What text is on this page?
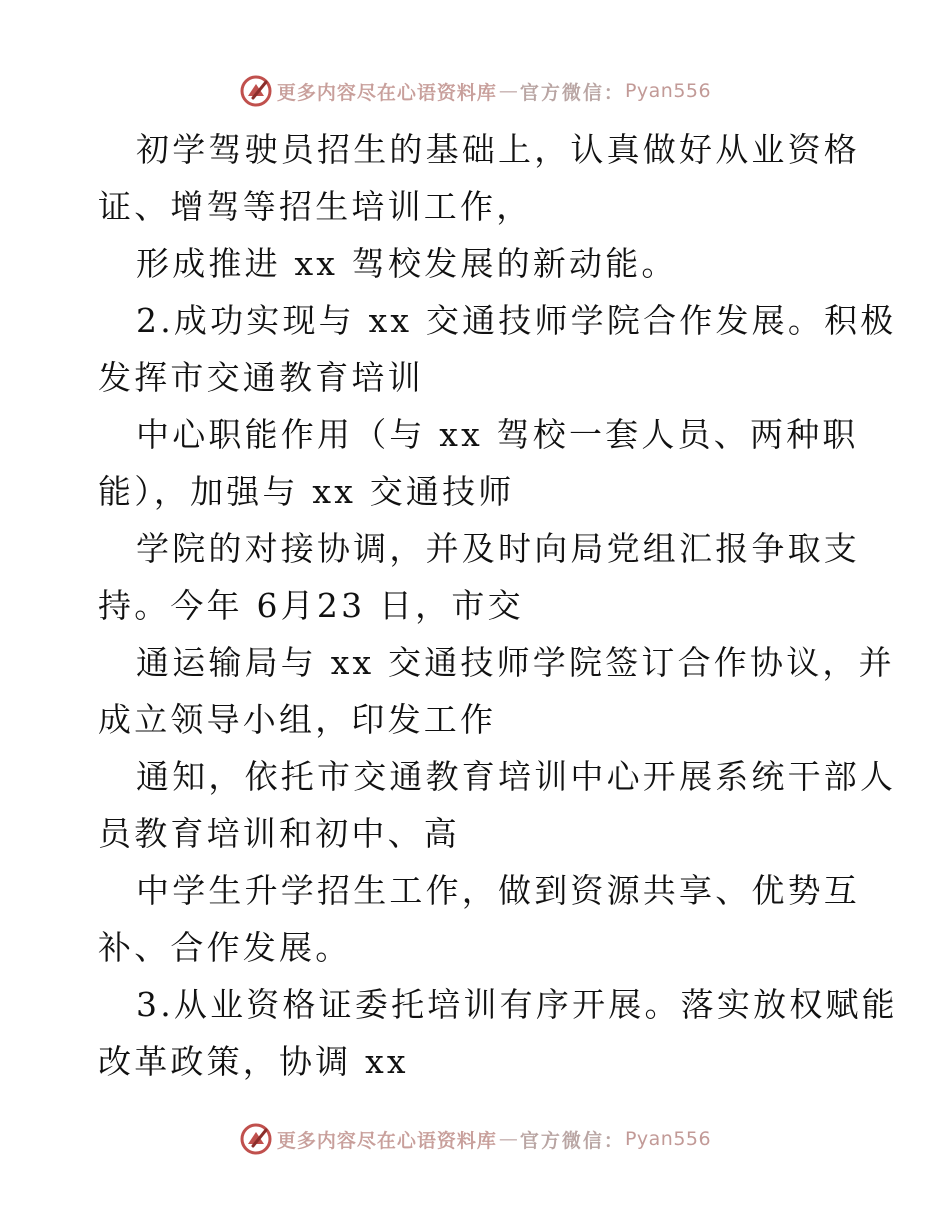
更多内容尽在心语资料库 — 官方微信： Pyan556

初学驾驶员招生的基础上，认真做好从业资格

证、增驾等招生培训工作，

形成推进 xx 驾校发展的新动能。

2.成功实现与 xx 交通技师学院合作发展。积极

发挥市交通教育培训

中心职能作用（与 xx 驾校一套人员、两种职

能），加强与 xx 交通技师

学院的对接协调，并及时向局党组汇报争取支

持。今年 6月23 日，市交

通运输局与 xx 交通技师学院签订合作协议，并

成立领导小组，印发工作

通知，依托市交通教育培训中心开展系统干部人

员教育培训和初中、高

中学生升学招生工作，做到资源共享、优势互

补、合作发展。

3.从业资格证委托培训有序开展。落实放权赋能

改革政策，协调 xx

更多内容尽在心语资料库 — 官方微信： Pyan556
